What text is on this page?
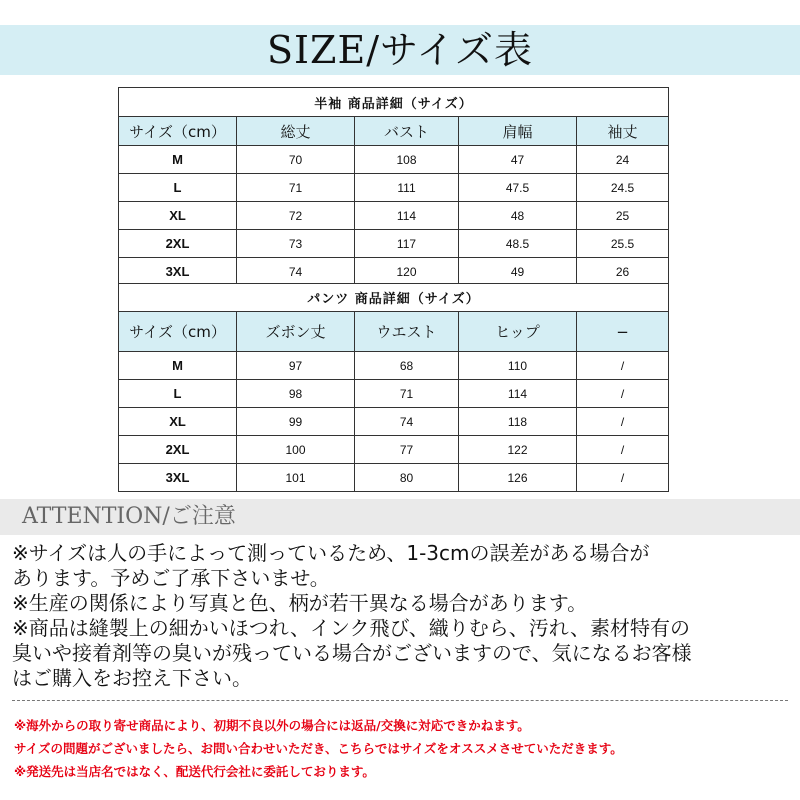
SIZE/サイズ表
半袖 商品詳細（サイズ）				
サイズ（cm）	総丈	バスト	肩幅	袖丈
M	70	108	47	24
L	71	111	47.5	24.5
XL	72	114	48	25
2XL	73	117	48.5	25.5
3XL	74	120	49	26
パンツ 商品詳細（サイズ）				
サイズ（cm）	ズボン丈	ウエスト	ヒップ	−
M	97	68	110	/
L	98	71	114	/
XL	99	74	118	/
2XL	100	77	122	/
3XL	101	80	126	/
ATTENTION/ご注意
※サイズは人の手によって測っているため、1-3cmの誤差がある場合が
あります。予めご了承下さいませ。
※生産の関係により写真と色、柄が若干異なる場合があります。
※商品は縫製上の細かいほつれ、インク飛び、織りむら、汚れ、素材特有の
臭いや接着剤等の臭いが残っている場合がございますので、気になるお客様
はご購入をお控え下さい。
※海外からの取り寄せ商品により、初期不良以外の場合には返品/交換に対応できかねます。
サイズの問題がございましたら、お問い合わせいただき、こちらではサイズをオススメさせていただきます。
※発送先は当店名ではなく、配送代行会社に委託しております。
